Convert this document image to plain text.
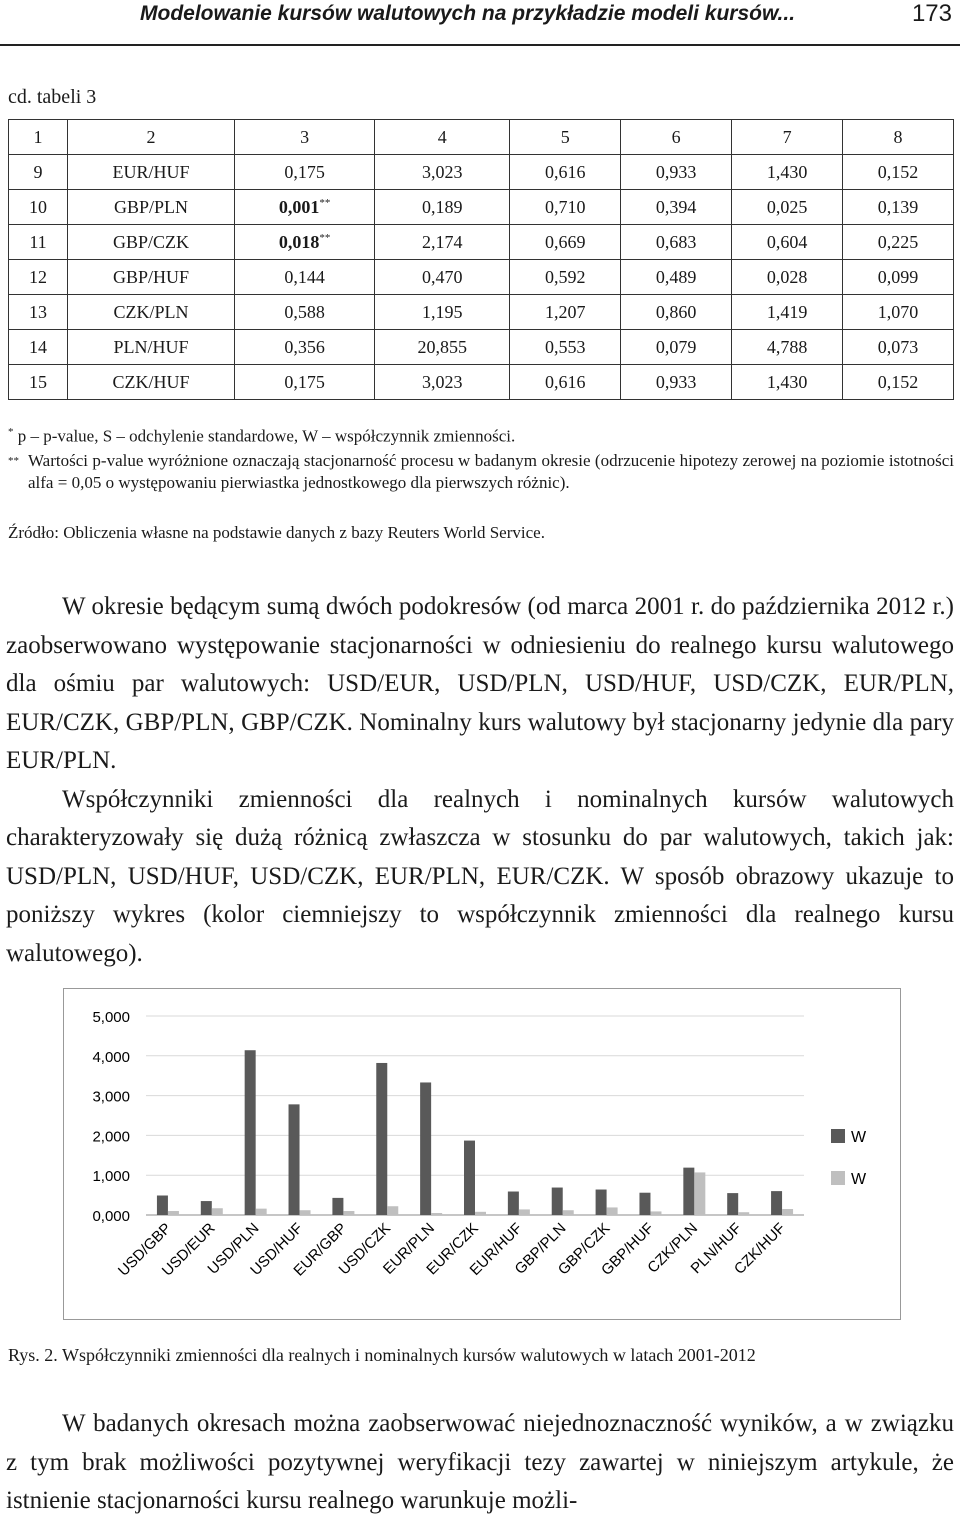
Modelowanie kursów walutowych na przykładzie modeli kursów...	173
cd. tabeli 3
1	2	3	4	5	6	7	8
9	EUR/HUF	0,175	3,023	0,616	0,933	1,430	0,152
10	GBP/PLN	0,001**	0,189	0,710	0,394	0,025	0,139
11	GBP/CZK	0,018**	2,174	0,669	0,683	0,604	0,225
12	GBP/HUF	0,144	0,470	0,592	0,489	0,028	0,099
13	CZK/PLN	0,588	1,195	1,207	0,860	1,419	1,070
14	PLN/HUF	0,356	20,855	0,553	0,079	4,788	0,073
15	CZK/HUF	0,175	3,023	0,616	0,933	1,430	0,152
* p – p-value, S – odchylenie standardowe, W – współczynnik zmienności.
** Wartości p-value wyróżnione oznaczają stacjonarność procesu w badanym okresie (odrzucenie hipotezy zerowej na poziomie istotności alfa = 0,05 o występowaniu pierwiastka jednostkowego dla pierwszych różnic).
Źródło: Obliczenia własne na podstawie danych z bazy Reuters World Service.

W okresie będącym sumą dwóch podokresów (od marca 2001 r. do października 2012 r.) zaobserwowano występowanie stacjonarności w odniesieniu do realnego kursu walutowego dla ośmiu par walutowych: USD/EUR, USD/PLN, USD/HUF, USD/CZK, EUR/PLN, EUR/CZK, GBP/PLN, GBP/CZK. Nominalny kurs walutowy był stacjonarny jedynie dla pary EUR/PLN.

Współczynniki zmienności dla realnych i nominalnych kursów walutowych charakteryzowały się dużą różnicą zwłaszcza w stosunku do par walutowych, takich jak: USD/PLN, USD/HUF, USD/CZK, EUR/PLN, EUR/CZK. W sposób obrazowy ukazuje to poniższy wykres (kolor ciemniejszy to współczynnik zmienności dla realnego kursu walutowego).

0,000
1,000
2,000
3,000
4,000
5,000
USD/GBP
USD/EUR
USD/PLN
USD/HUF
EUR/GBP
USD/CZK
EUR/PLN
EUR/CZK
EUR/HUF
GBP/PLN
GBP/CZK
GBP/HUF
CZK/PLN
PLN/HUF
CZK/HUF
W
W
Rys. 2. Współczynniki zmienności dla realnych i nominalnych kursów walutowych w latach 2001-2012

W badanych okresach można zaobserwować niejednoznaczność wyników, a w związku z tym brak możliwości pozytywnej weryfikacji tezy zawartej w niniejszym artykule, że istnienie stacjonarności kursu realnego warunkuje możli-
